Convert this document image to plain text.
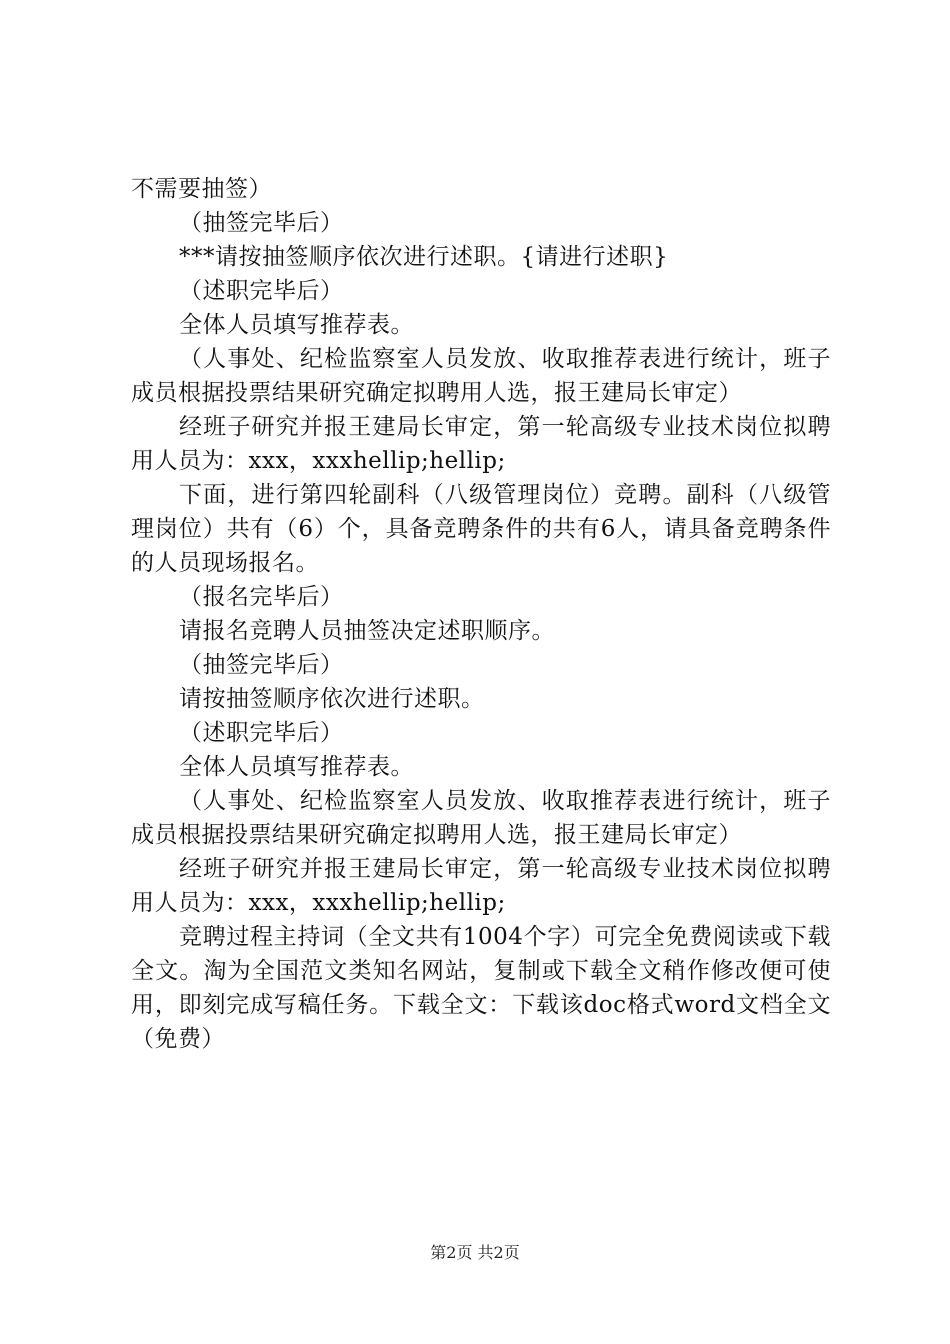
不需要抽签）

（抽签完毕后）

***请按抽签顺序依次进行述职。{请进行述职}

（述职完毕后）

全体人员填写推荐表。

（人事处、纪检监察室人员发放、收取推荐表进行统计，班子成员根据投票结果研究确定拟聘用人选，报王建局长审定）

经班子研究并报王建局长审定，第一轮高级专业技术岗位拟聘用人员为：xxx，xxxhellip;hellip;

下面，进行第四轮副科（八级管理岗位）竞聘。副科（八级管理岗位）共有（6）个，具备竞聘条件的共有6人，请具备竞聘条件的人员现场报名。

（报名完毕后）

请报名竞聘人员抽签决定述职顺序。

（抽签完毕后）

请按抽签顺序依次进行述职。

（述职完毕后）

全体人员填写推荐表。

（人事处、纪检监察室人员发放、收取推荐表进行统计，班子成员根据投票结果研究确定拟聘用人选，报王建局长审定）

经班子研究并报王建局长审定，第一轮高级专业技术岗位拟聘用人员为：xxx，xxxhellip;hellip;

竞聘过程主持词（全文共有1004个字）可完全免费阅读或下载全文。淘为全国范文类知名网站，复制或下载全文稍作修改便可使用，即刻完成写稿任务。下载全文：下载该doc格式word文档全文（免费）

第2页 共2页
